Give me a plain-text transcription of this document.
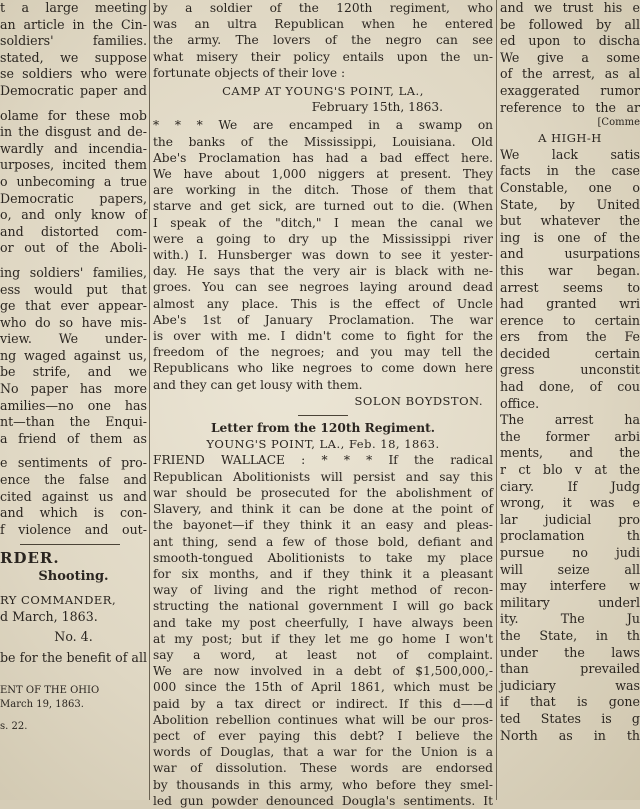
t a large meeting
an article in the Cin-
soldiers' families.
stated, we suppose
se soldiers who were
Democratic paper and

olame for these mob
in the disgust and de-
wardly and incendia-
urposes, incited them
o unbecoming a true
Democratic papers,
o, and only know of
and distorted com-
or out of the Aboli-

ing soldiers' families,
ess would put that
ge that ever appear-
who do so have mis-
view. We under-
ng waged against us,
be strife, and we
No paper has more
amilies—no one has
nt—than the Enqui-
a friend of them as

e sentiments of pro-
ence the false and
cited against us and
and which is con-
f violence and out-
RDER.
Shooting.
RY COMMANDER,
d March, 1863.
No. 4.
be for the benefit of all
ENT OF THE OHIO
March 19, 1863.
s. 22.
by a soldier of the 120th regiment, who
was an ultra Republican when he entered
the army. The lovers of the negro can see
what misery their policy entails upon the un-
fortunate objects of their love :
CAMP AT YOUNG'S POINT, LA.,
February 15th, 1863.
* * * We are encamped in a swamp on
the banks of the Mississippi, Louisiana. Old
Abe's Proclamation has had a bad effect here.
We have about 1,000 niggers at present. They
are working in the ditch. Those of them that
starve and get sick, are turned out to die. (When
I speak of the "ditch," I mean the canal we
were a going to dry up the Mississippi river
with.) I. Hunsberger was down to see it yester-
day. He says that the very air is black with ne-
groes. You can see negroes laying around dead
almost any place. This is the effect of Uncle
Abe's 1st of January Proclamation. The war
is over with me. I didn't come to fight for the
freedom of the negroes; and you may tell the
Republicans who like negroes to come down here
and they can get lousy with them.
SOLON BOYDSTON.
Letter from the 120th Regiment.
YOUNG'S POINT, LA., Feb. 18, 1863.
FRIEND WALLACE : * * * If the radical
Republican Abolitionists will persist and say this
war should be prosecuted for the abolishment of
Slavery, and think it can be done at the point of
the bayonet—if they think it an easy and pleas-
ant thing, send a few of those bold, defiant and
smooth-tongued Abolitionists to take my place
for six months, and if they think it a pleasant
way of living and the right method of recon-
structing the national government I will go back
and take my post cheerfully, I have always been
at my post; but if they let me go home I won't
say a word, at least not of complaint.
We are now involved in a debt of $1,500,000,-
000 since the 15th of April 1861, which must be
paid by a tax direct or indirect. If this d——d
Abolition rebellion continues what will be our pros-
pect of ever paying this debt? I believe the
words of Douglas, that a war for the Union is a
war of dissolution. These words are endorsed
by thousands in this army, who before they smel-
led gun powder denounced Dougla's sentiments. It
and we trust his e
be followed by all
ed upon to discha
We give a some
of the arrest, as al
exaggerated rumor
reference to the ar
[Comme
A HIGH-H
We lack satis
facts in the case
Constable, one o
State, by United
but whatever the
ing is one of the
and usurpations
this war began.
arrest seems to
had granted wri
erence to certain
ers from the Fe
decided certain
gress unconstit
had done, of cou
office.
The arrest ha
the former arbi
ments, and the
r ct blo v at the
ciary. If Judg
wrong, it was e
lar judicial pro
proclamation th
pursue no judi
will seize all
may interfere w
military underl
ity. The Ju
the State, in th
under the laws
than prevailed
judiciary was
if that is gone
ted States is g
North as in th
